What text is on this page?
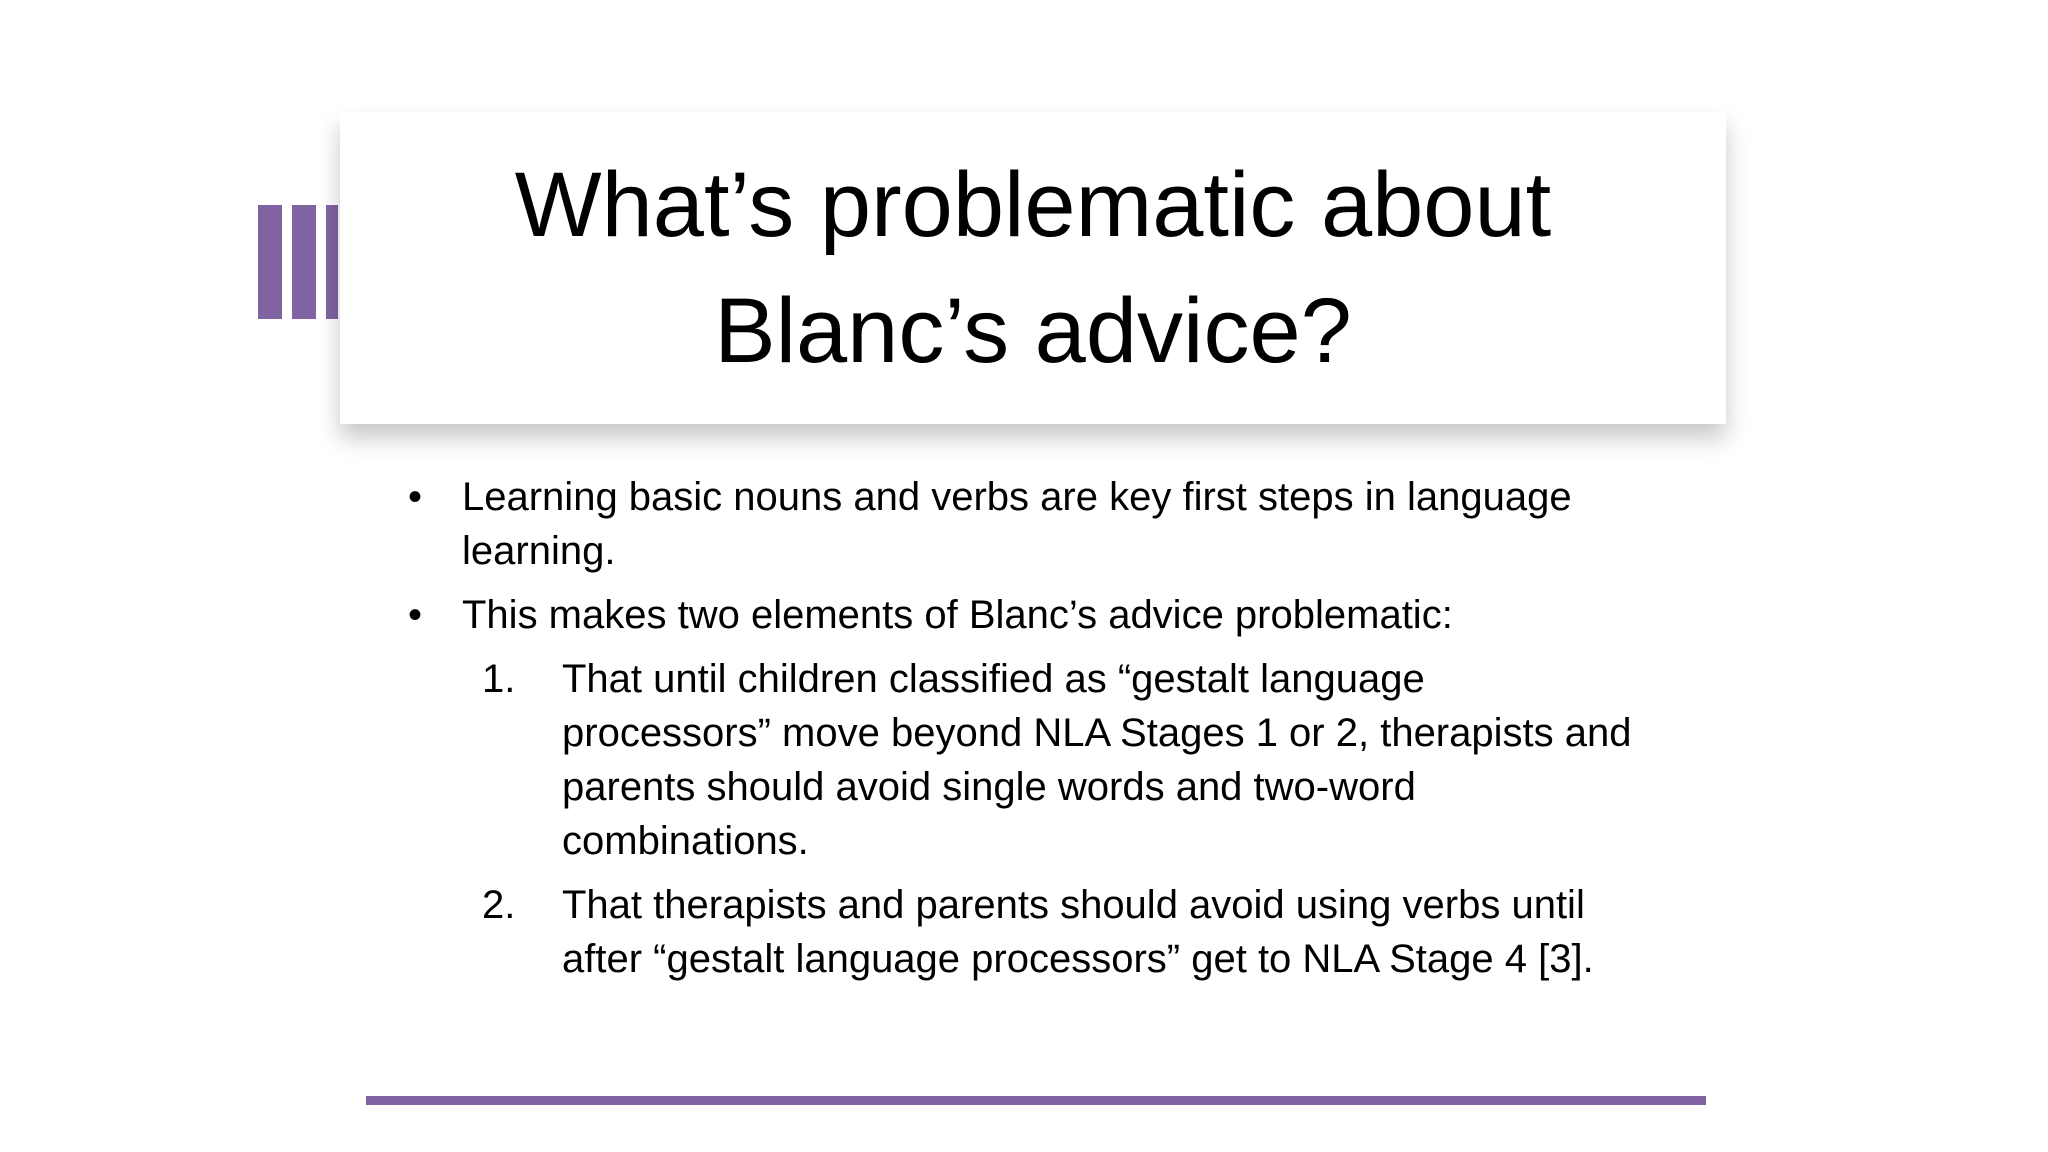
What’s problematic about Blanc’s advice?
• Learning basic nouns and verbs are key first steps in language learning.
• This makes two elements of Blanc’s advice problematic:
1. That until children classified as “gestalt language processors” move beyond NLA Stages 1 or 2, therapists and parents should avoid single words and two-word combinations.
2. That therapists and parents should avoid using verbs until after “gestalt language processors” get to NLA Stage 4 [3].
